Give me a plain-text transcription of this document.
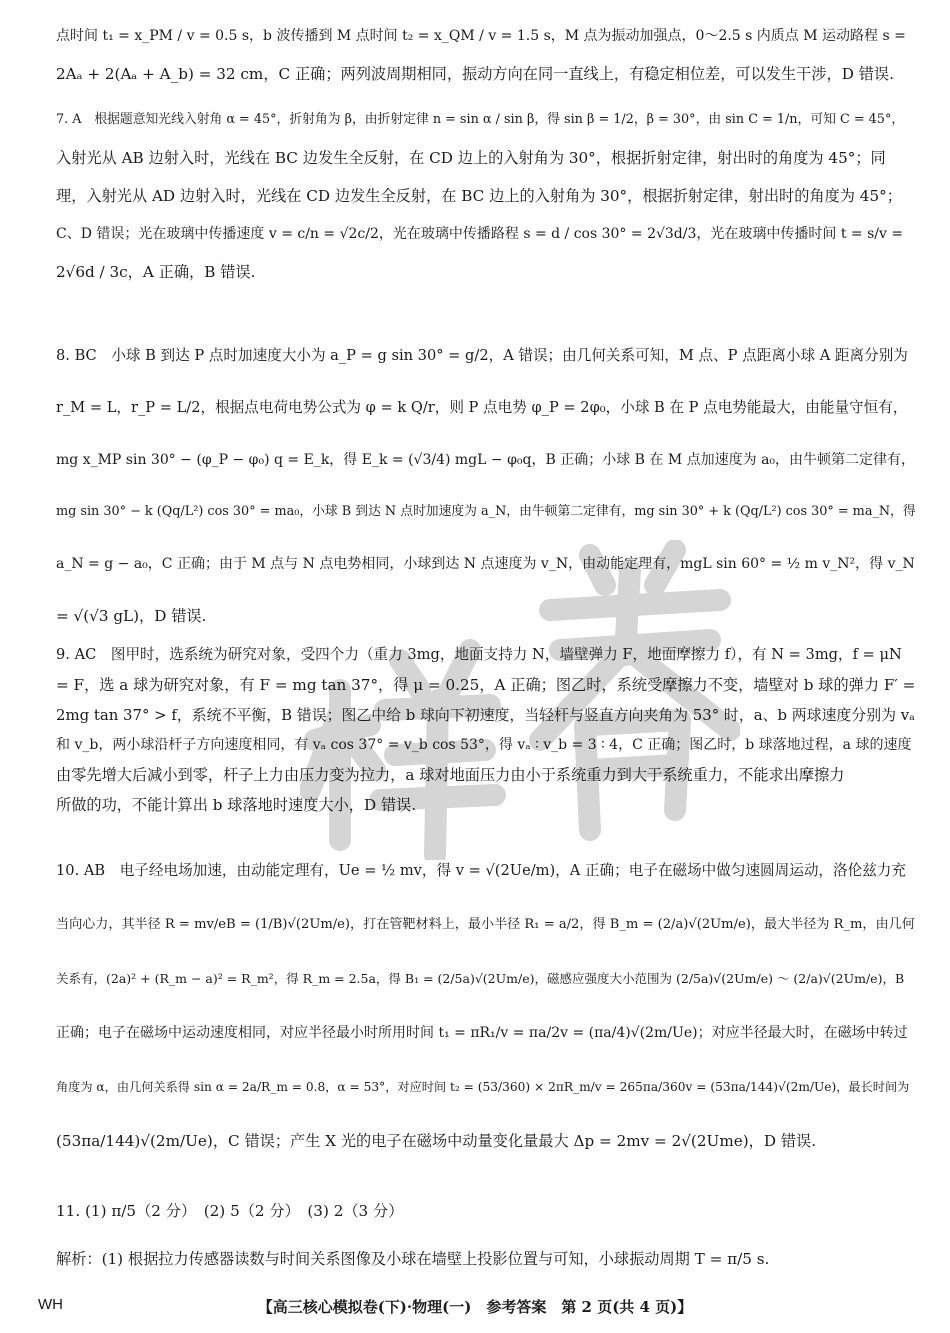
点时间 t₁ = x_PM / v = 0.5 s，b 波传播到 M 点时间 t₂ = x_QM / v = 1.5 s，M 点为振动加强点，0～2.5 s 内质点 M 运动路程 s =
2Aₐ + 2(Aₐ + A_b) = 32 cm，C 正确；两列波周期相同，振动方向在同一直线上，有稳定相位差，可以发生干涉，D 错误.
7. A　根据题意知光线入射角 α = 45°，折射角为 β，由折射定律 n = sin α / sin β，得 sin β = 1/2，β = 30°，由 sin C = 1/n，可知 C = 45°，
入射光从 AB 边射入时，光线在 BC 边发生全反射，在 CD 边上的入射角为 30°，根据折射定律，射出时的角度为 45°；同
理，入射光从 AD 边射入时，光线在 CD 边发生全反射，在 BC 边上的入射角为 30°，根据折射定律，射出时的角度为 45°；
C、D 错误；光在玻璃中传播速度 v = c/n = √2c/2，光在玻璃中传播路程 s = d / cos 30° = 2√3d/3，光在玻璃中传播时间 t = s/v =
2√6d / 3c，A 正确，B 错误.
8. BC　小球 B 到达 P 点时加速度大小为 a_P = g sin 30° = g/2，A 错误；由几何关系可知，M 点、P 点距离小球 A 距离分别为
r_M = L，r_P = L/2，根据点电荷电势公式为 φ = k Q/r，则 P 点电势 φ_P = 2φ₀，小球 B 在 P 点电势能最大，由能量守恒有，
mg x_MP sin 30° − (φ_P − φ₀) q = E_k，得 E_k = (√3/4) mgL − φ₀q，B 正确；小球 B 在 M 点加速度为 a₀，由牛顿第二定律有，
mg sin 30° − k (Qq/L²) cos 30° = ma₀，小球 B 到达 N 点时加速度为 a_N，由牛顿第二定律有，mg sin 30° + k (Qq/L²) cos 30° = ma_N，得
a_N = g − a₀，C 正确；由于 M 点与 N 点电势相同，小球到达 N 点速度为 v_N，由动能定理有，mgL sin 60° = ½ m v_N²，得 v_N
= √(√3 gL)，D 错误.
9. AC　图甲时，选系统为研究对象，受四个力（重力 3mg，地面支持力 N，墙壁弹力 F，地面摩擦力 f），有 N = 3mg，f = μN
= F，选 a 球为研究对象，有 F = mg tan 37°，得 μ = 0.25，A 正确；图乙时，系统受摩擦力不变，墙壁对 b 球的弹力 F′ =
2mg tan 37° > f，系统不平衡，B 错误；图乙中给 b 球向下初速度，当轻杆与竖直方向夹角为 53° 时，a、b 两球速度分别为 vₐ
和 v_b，两小球沿杆子方向速度相同，有 vₐ cos 37° = v_b cos 53°，得 vₐ ∶ v_b = 3 ∶ 4，C 正确；图乙时，b 球落地过程，a 球的速度
由零先增大后减小到零，杆子上力由压力变为拉力，a 球对地面压力由小于系统重力到大于系统重力，不能求出摩擦力
所做的功，不能计算出 b 球落地时速度大小，D 错误.
10. AB　电子经电场加速，由动能定理有，Ue = ½ mv，得 v = √(2Ue/m)，A 正确；电子在磁场中做匀速圆周运动，洛伦兹力充
当向心力，其半径 R = mv/eB = (1/B)√(2Um/e)，打在管靶材料上，最小半径 R₁ = a/2，得 B_m = (2/a)√(2Um/e)，最大半径为 R_m，由几何
关系有，(2a)² + (R_m − a)² = R_m²，得 R_m = 2.5a，得 B₁ = (2/5a)√(2Um/e)，磁感应强度大小范围为 (2/5a)√(2Um/e) ～ (2/a)√(2Um/e)，B
正确；电子在磁场中运动速度相同，对应半径最小时所用时间 t₁ = πR₁/v = πa/2v = (πa/4)√(2m/Ue)；对应半径最大时，在磁场中转过
角度为 α，由几何关系得 sin α = 2a/R_m = 0.8，α = 53°，对应时间 t₂ = (53/360) × 2πR_m/v = 265πa/360v = (53πa/144)√(2m/Ue)，最长时间为
(53πa/144)√(2m/Ue)，C 错误；产生 X 光的电子在磁场中动量变化量最大 Δp = 2mv = 2√(2Ume)，D 错误.
11. (1) π/5（2 分）　(2) 5（2 分）　(3) 2（3 分）
解析：(1) 根据拉力传感器读数与时间关系图像及小球在墙壁上投影位置与可知，小球振动周期 T = π/5 s.
WH	【高三核心模拟卷(下)·物理(一)　参考答案　第 2 页(共 4 页)】
